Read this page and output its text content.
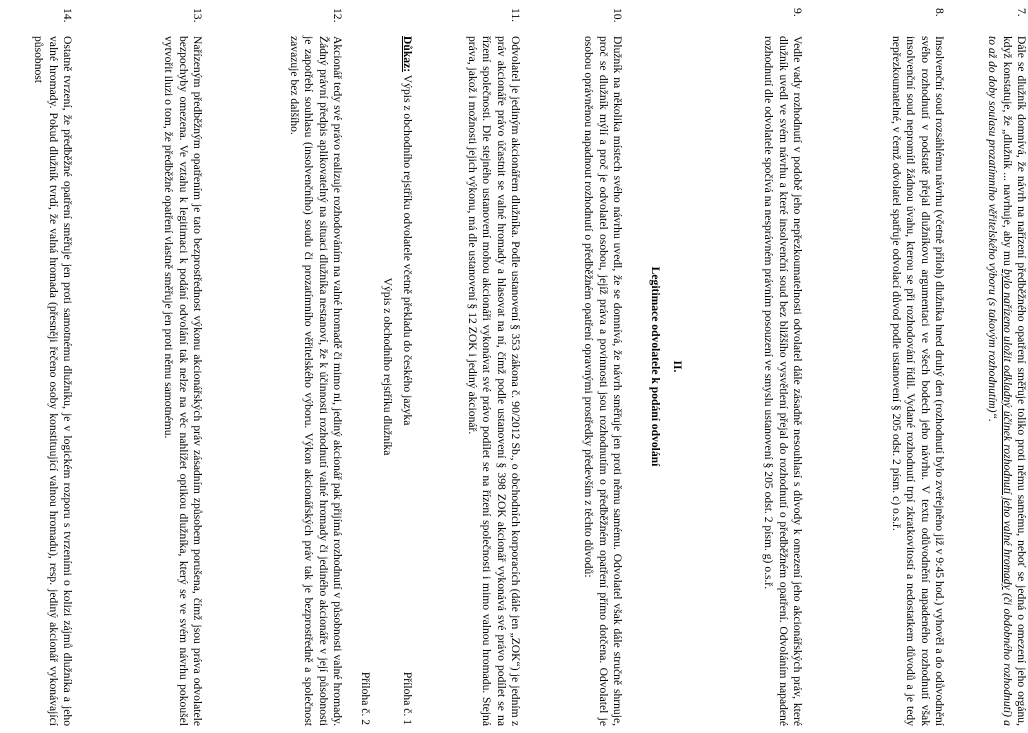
7.
Dále se dlužník domnívá, že návrh na nařízení předběžného opatření směřuje toliko proti němu samému, neboť se jedná o omezení jeho orgánu, když konstatuje, že „dlužník ... navrhuje, aby mu bylo nařízeno uložit odkladný účinek rozhodnutí jeho valné hromady (či obdobného rozhodnutí) a to až do doby soulasu prozatímního věřitelského výboru (s takovým rozhodnutím)“.
8.
Insolvenční soud rozsáhlému návrhu (včetně příloh) dlužníka hned druhý den (rozhodnutí bylo zveřejněno již v 9:45 hod.) vyhověl a do odůvodnění svého rozhodnutí v podstatě přejal dlužníkovu argumentaci ve všech bodech jeho návrhu. V textu odůvodnění napadeného rozhodnutí však insolvenční soud nepromítl žádnou úvahu, kterou se při rozhodování řídil. Vydané rozhodnutí trpí zkratkovitostí a nedostatkem důvodů a je tedy nepřezkoumatelné, v čemž odvolatel spatřuje odvolací důvod podle ustanovení § 205 odst. 2 písm. c) o.s.ř.
9.
Vedle vady rozhodnutí v podobě jeho nepřezkoumatelnosti odvolatel dále zásadně nesouhlasí s důvody k omezení jeho akcionářských práv, které dlužník uvedl ve svém návrhu a které insolvenční soud bez bližšího vysvětlení přejal do rozhodnutí o předběžném opatření. Odvoláním napadené rozhodnutí dle odvolatele spočívá na nesprávném právním posouzení ve smyslu ustanovení § 205 odst. 2 písm. g) o.s.ř.
II.
Legitimace odvolatele k podání odvolání
10.
Dlužník na několika místech svého návrhu uvedl, že se domnívá, že návrh směřuje jen proti němu samému. Odvolatel však dále stručně shrnuje, proč se dlužník mýlí a proč je odvolatel osobou, jejíž práva a povinnosti jsou rozhodnutím o předběžném opatření přímo dotčena. Odvolatel je osobou oprávněnou napadnout rozhodnutí o předběžném opatření opravnými prostředky především z těchto důvodů:
11.
Odvolatel je jediným akcionářem dlužníka. Podle ustanovení § 353 zákona č. 90/2012 Sb., o obchodních korporacích (dále jen „ZOK“) je jedním z práv akcionáře právo účastnit se valné hromady a hlasovat na ní, čímž podle ustanovení § 398 ZOK akcionář vykonává své právo podílet se na řízení společnosti. Dle stejného ustanovení mohou akcionáři vykonávat své právo podílet se na řízení společnosti i mimo valnou hromadu. Stejná práva, jakož i možnosti jejich výkonu, má dle ustanovení § 12 ZOK i jediný akcionář.
Důkaz: Výpis z obchodního rejstříku odvolatele včetně překladu do českého jazyka
Příloha č. 1
Výpis z obchodního rejstříku dlužníka
Příloha č. 2
12.
Akcionář tedy své právo realizuje rozhodováním na valné hromadě či mimo ni, jediný akcionář pak přijímá rozhodnutí v působnosti valné hromady. Žádný právní předpis aplikovatelný na situaci dlužníka nestanoví, že k účinnosti rozhodnutí valné hromady či jediného akcionáře v její působnosti je zapotřebí souhlasu (insolvenčního) soudu či prozatímního věřitelského výboru. Výkon akcionářských práv tak je bezprostředně a společnost zavazuje bez dalšího.
13.
Nařízeným předběžným opatřením je tato bezprostřednost výkonu akcionářských práv zásadním způsobem porušena, čímž jsou práva odvolatele bezpochyby omezena. Ve vztahu k legitimaci k podání odvolání tak nelze na věc nahlížet optikou dlužníka, který se ve svém návrhu pokoušel vytvořit iluzi o tom, že předběžné opatření vlastně směřuje jen proti němu samotnému.
14.
Ostatně tvrzení, že předběžné opatření směřuje jen proti samotnému dlužníku, je v logickém rozporu s tvrzeními o kolizi zájmů dlužníka a jeho valné hromady. Pokud dlužník tvrdí, že valná hromada (přesněji řečeno osoby konstituující valnou hromadu), resp. jediný akcionář vykonávající působnost
